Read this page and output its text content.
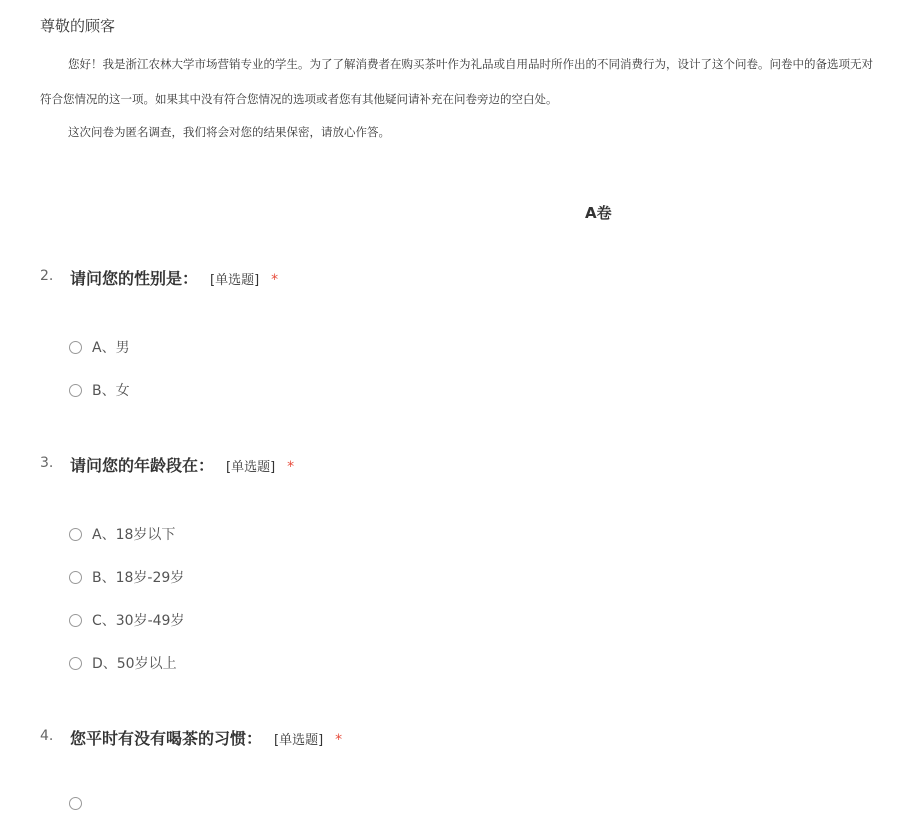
尊敬的顾客
您好！我是浙江农林大学市场营销专业的学生。为了了解消费者在购买茶叶作为礼品或自用品时所作出的不同消费行为，设计了这个问卷。问卷中的备选项无对
符合您情况的这一项。如果其中没有符合您情况的选项或者您有其他疑问请补充在问卷旁边的空白处。
这次问卷为匿名调查，我们将会对您的结果保密，请放心作答。
A卷
2. 请问您的性别是： [单选题] *
A、男
B、女
3. 请问您的年龄段在： [单选题] *
A、18岁以下
B、18岁-29岁
C、30岁-49岁
D、50岁以上
4. 您平时有没有喝茶的习惯： [单选题] *
